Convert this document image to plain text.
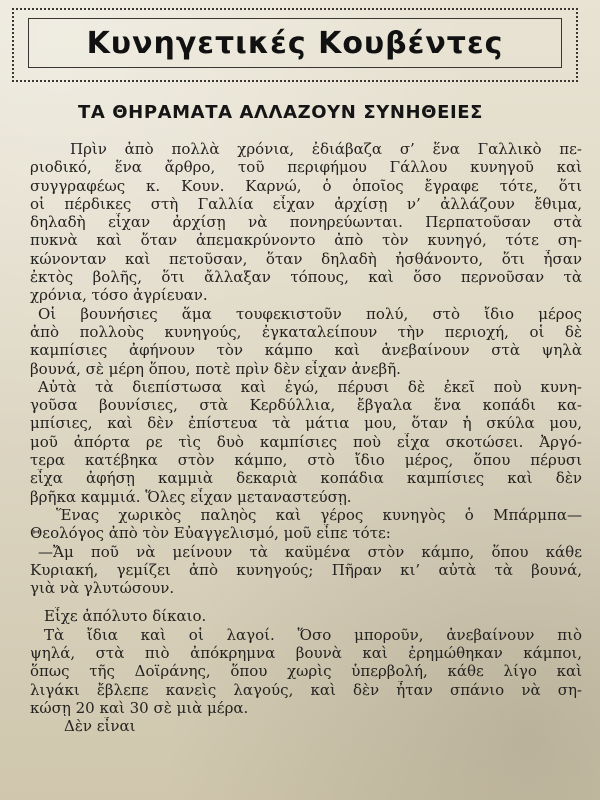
Κυνηγετικές Κουβέντες
ΤΑ ΘΗΡΑΜΑΤΑ ΑΛΛΑΖΟΥΝ ΣΥΝΗΘΕΙΕΣ
Πρὶν ἀπὸ πολλὰ χρόνια, ἐδιάβαζα σ’ ἕνα Γαλλικὸ πε-
ριοδικό, ἕνα ἄρθρο, τοῦ περιφήμου Γάλλου κυνηγοῦ καὶ
συγγραφέως κ. Κουν. Καρνώ, ὁ ὁποῖος ἔγραφε τότε, ὅτι
οἱ πέρδικες στὴ Γαλλία εἶχαν ἀρχίσῃ ν’ ἀλλάζουν ἔθιμα,
δηλαδὴ εἶχαν ἀρχίσῃ νὰ πονηρεύωνται. Περπατοῦσαν στὰ
πυκνὰ καὶ ὅταν ἀπεμακρύνοντο ἀπὸ τὸν κυνηγό, τότε ση-
κώνονταν καὶ πετοῦσαν, ὅταν δηλαδὴ ἠσθάνοντο, ὅτι ἦσαν
ἐκτὸς βολῆς, ὅτι ἄλλαξαν τόπους, καὶ ὅσο περνοῦσαν τὰ
χρόνια, τόσο ἀγρίευαν.
Οἱ βουνήσιες ἅμα τουφεκιστοῦν πολύ, στὸ ἴδιο μέρος
ἀπὸ πολλοὺς κυνηγούς, ἐγκαταλείπουν τὴν περιοχή, οἱ δὲ
καμπίσιες ἀφήνουν τὸν κάμπο καὶ ἀνεβαίνουν στὰ ψηλὰ
βουνά, σὲ μέρη ὅπου, ποτὲ πρὶν δὲν εἶχαν ἀνεβῆ.
Αὐτὰ τὰ διεπίστωσα καὶ ἐγώ, πέρυσι δὲ ἐκεῖ ποὺ κυνη-
γοῦσα βουνίσιες, στὰ Κερδύλλια, ἔβγαλα ἕνα κοπάδι κα-
μπίσιες, καὶ δὲν ἐπίστευα τὰ μάτια μου, ὅταν ἡ σκύλα μου,
μοῦ ἀπόρτα ρε τὶς δυὸ καμπίσιες ποὺ εἶχα σκοτώσει. Ἀργό-
τερα κατέβηκα στὸν κάμπο, στὸ ἴδιο μέρος, ὅπου πέρυσι
εἶχα ἀφήσῃ καμμιὰ δεκαριὰ κοπάδια καμπίσιες καὶ δὲν
βρῆκα καμμιά. Ὅλες εἶχαν μεταναστεύσῃ.
Ἕνας χωρικὸς παληὸς καὶ γέρος κυνηγὸς ὁ Μπάρμπα—
Θεολόγος ἀπὸ τὸν Εὐαγγελισμό, μοῦ εἶπε τότε:
—Ἄμ ποῦ νὰ μείνουν τὰ καϋμένα στὸν κάμπο, ὅπου κάθε
Κυριακή, γεμίζει ἀπὸ κυνηγούς; Πῆραν κι’ αὐτὰ τὰ βουνά,
γιὰ νὰ γλυτώσουν.
Εἶχε ἀπόλυτο δίκαιο.
Τὰ ἴδια καὶ οἱ λαγοί. Ὅσο μποροῦν, ἀνεβαίνουν πιὸ
ψηλά, στὰ πιὸ ἀπόκρημνα βουνὰ καὶ ἐρημώθηκαν κάμποι,
ὅπως τῆς Δοϊράνης, ὅπου χωρὶς ὑπερβολή, κάθε λίγο καὶ
λιγάκι ἔβλεπε κανεὶς λαγούς, καὶ δὲν ἦταν σπάνιο νὰ ση-
κώσῃ 20 καὶ 30 σὲ μιὰ μέρα.
Δὲν εἶναι
